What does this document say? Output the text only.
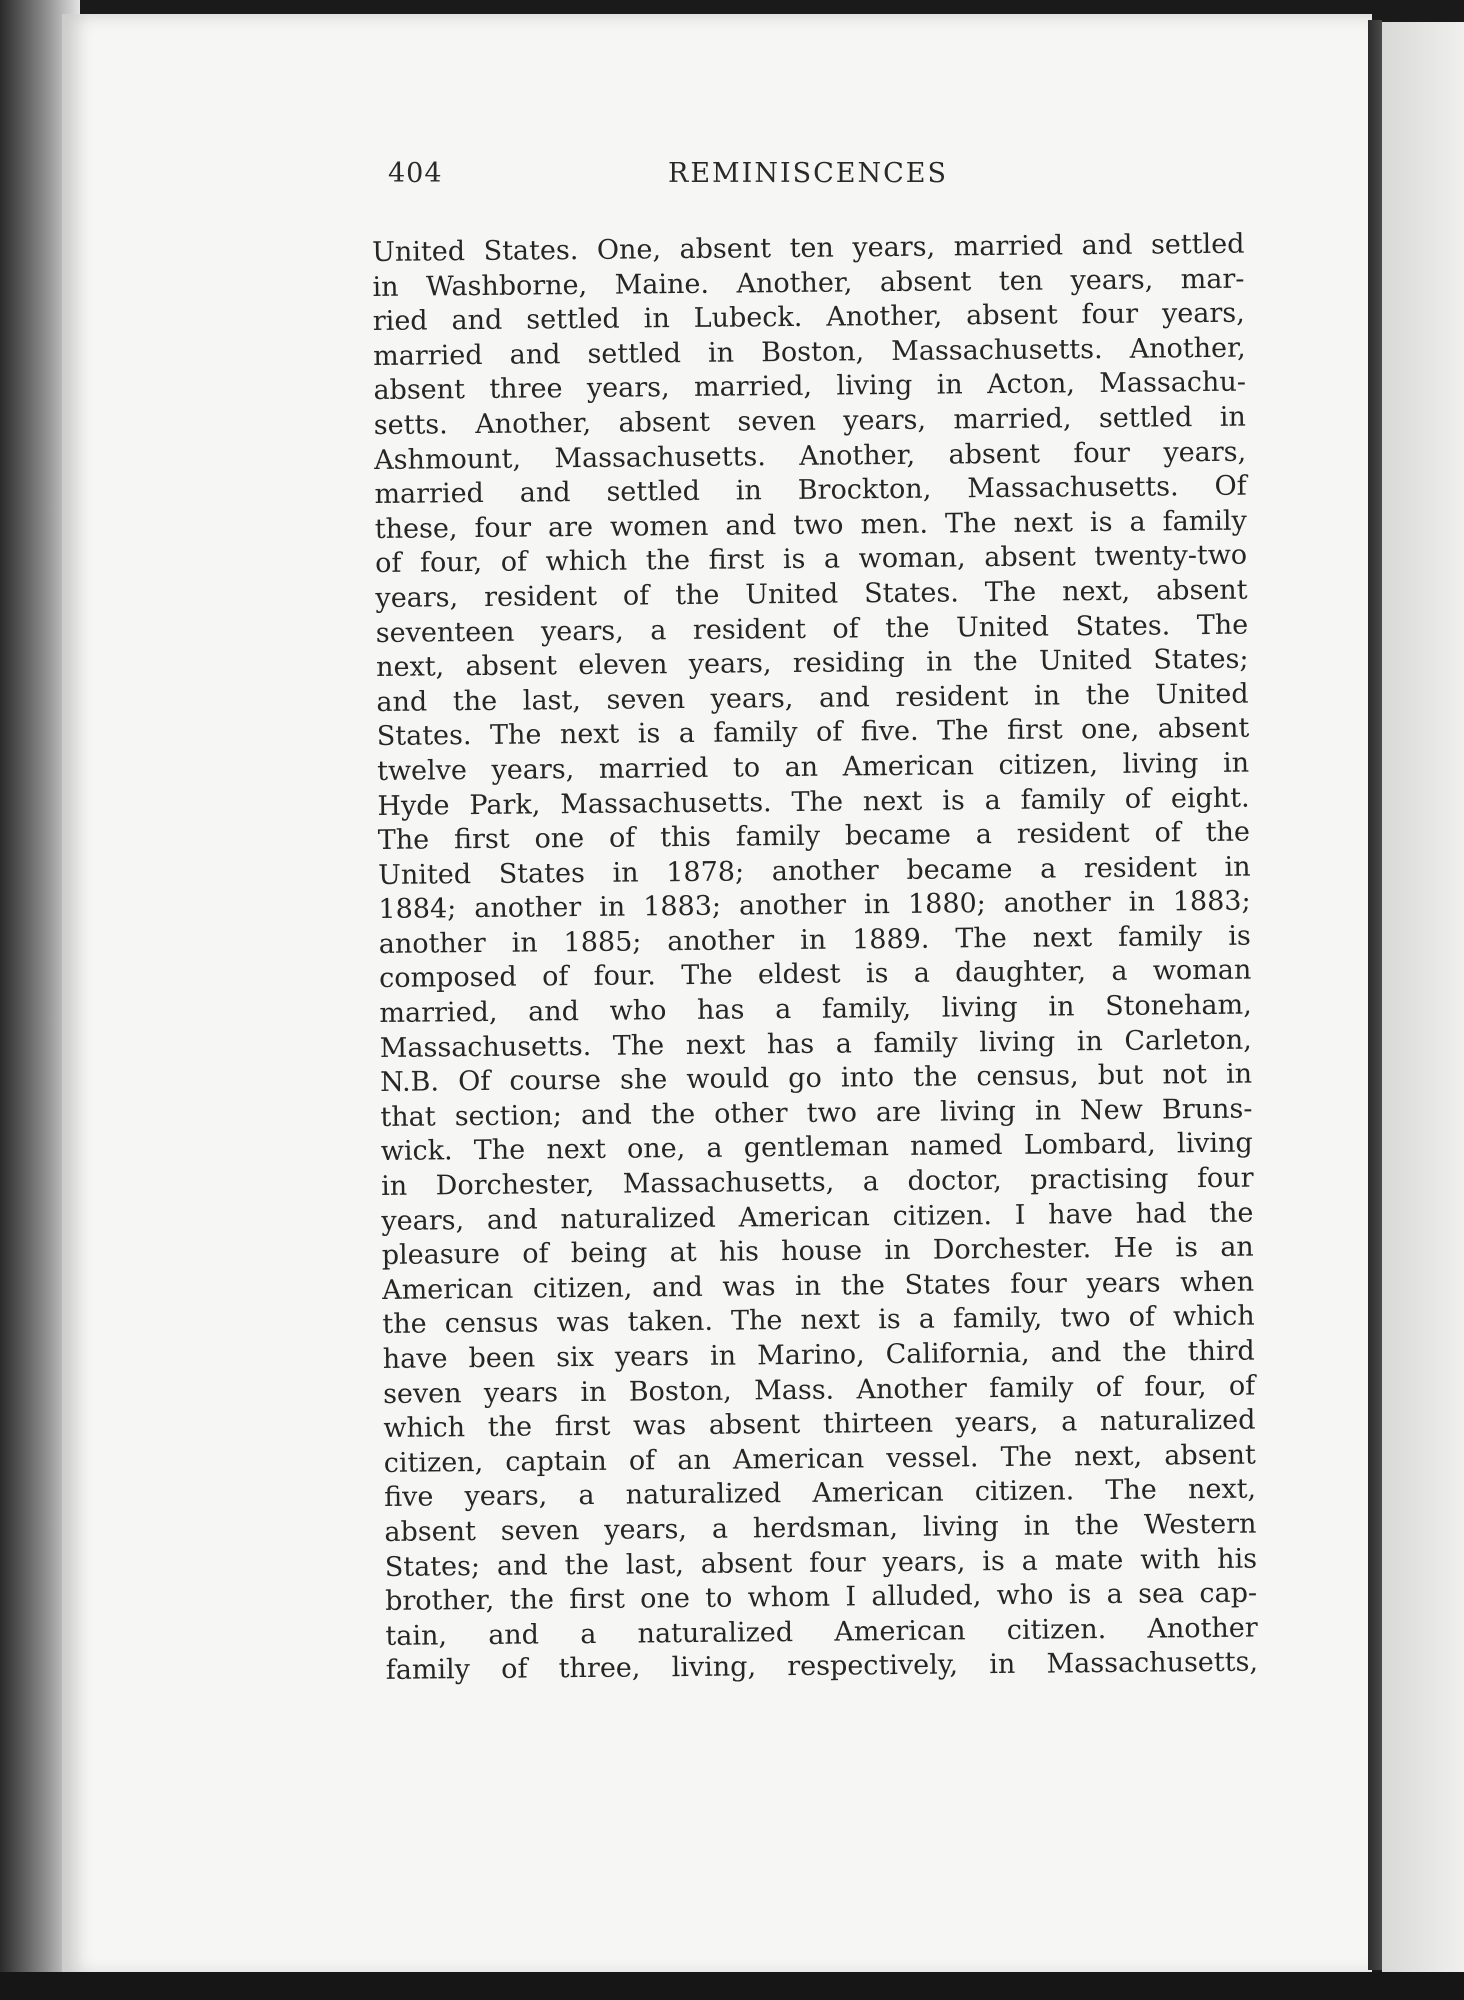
404	REMINISCENCES
United States. One, absent ten years, married and settled
in Washborne, Maine. Another, absent ten years, mar-
ried and settled in Lubeck. Another, absent four years,
married and settled in Boston, Massachusetts. Another,
absent three years, married, living in Acton, Massachu-
setts. Another, absent seven years, married, settled in
Ashmount, Massachusetts. Another, absent four years,
married and settled in Brockton, Massachusetts. Of
these, four are women and two men. The next is a family
of four, of which the first is a woman, absent twenty-two
years, resident of the United States. The next, absent
seventeen years, a resident of the United States. The
next, absent eleven years, residing in the United States;
and the last, seven years, and resident in the United
States. The next is a family of five. The first one, absent
twelve years, married to an American citizen, living in
Hyde Park, Massachusetts. The next is a family of eight.
The first one of this family became a resident of the
United States in 1878; another became a resident in
1884; another in 1883; another in 1880; another in 1883;
another in 1885; another in 1889. The next family is
composed of four. The eldest is a daughter, a woman
married, and who has a family, living in Stoneham,
Massachusetts. The next has a family living in Carleton,
N.B. Of course she would go into the census, but not in
that section; and the other two are living in New Bruns-
wick. The next one, a gentleman named Lombard, living
in Dorchester, Massachusetts, a doctor, practising four
years, and naturalized American citizen. I have had the
pleasure of being at his house in Dorchester. He is an
American citizen, and was in the States four years when
the census was taken. The next is a family, two of which
have been six years in Marino, California, and the third
seven years in Boston, Mass. Another family of four, of
which the first was absent thirteen years, a naturalized
citizen, captain of an American vessel. The next, absent
five years, a naturalized American citizen. The next,
absent seven years, a herdsman, living in the Western
States; and the last, absent four years, is a mate with his
brother, the first one to whom I alluded, who is a sea cap-
tain, and a naturalized American citizen. Another
family of three, living, respectively, in Massachusetts,
